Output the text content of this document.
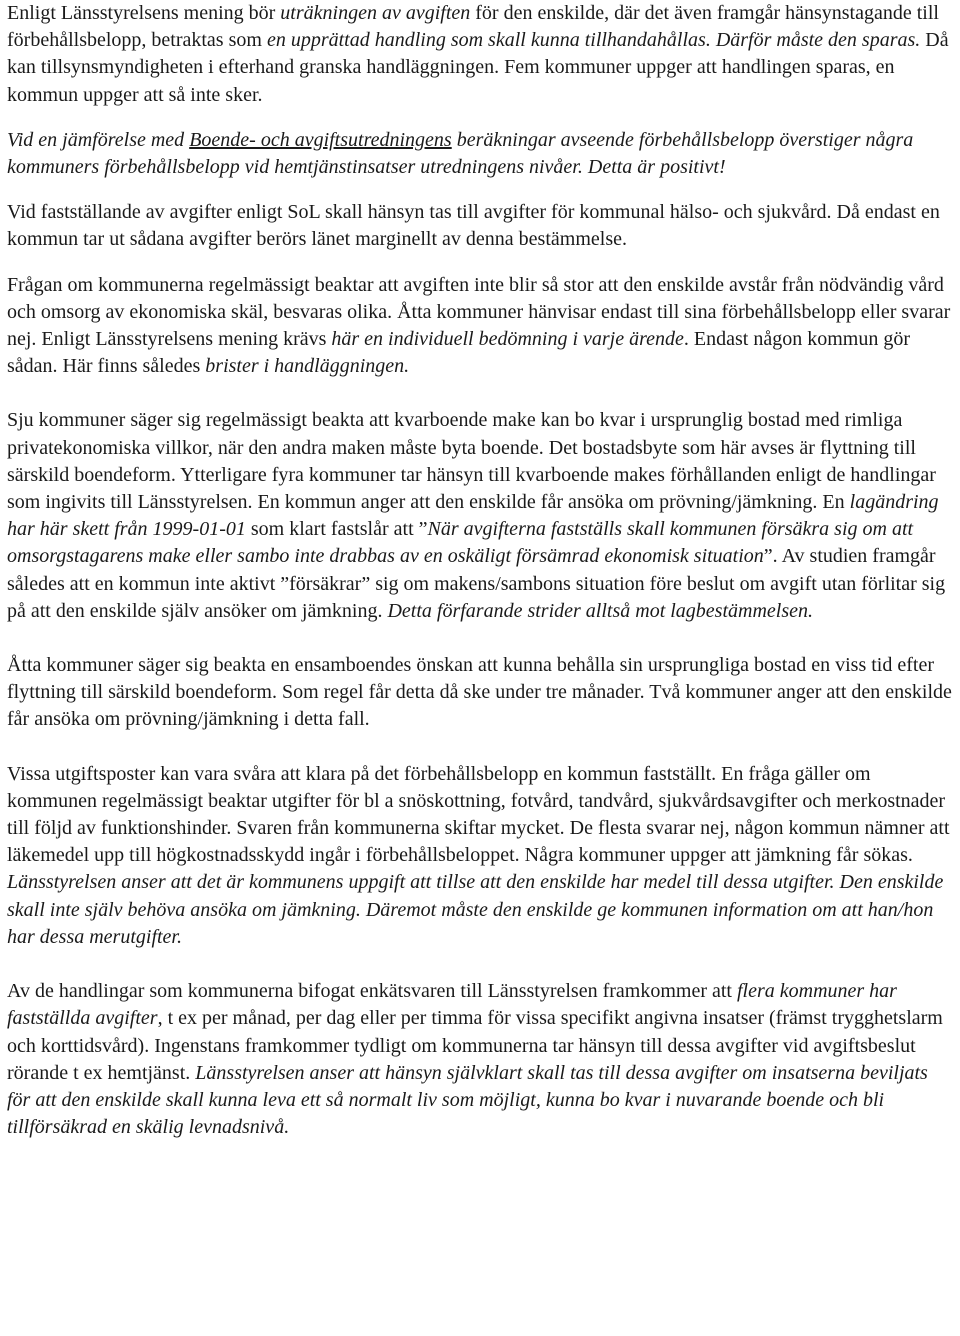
Enligt Länsstyrelsens mening bör uträkningen av avgiften för den enskilde, där det även framgår hänsynstagande till förbehållsbelopp, betraktas som en upprättad handling som skall kunna tillhandahållas. Därför måste den sparas. Då kan tillsynsmyndigheten i efterhand granska handläggningen. Fem kommuner uppger att handlingen sparas, en kommun uppger att så inte sker.

Vid en jämförelse med Boende- och avgiftsutredningens beräkningar avseende förbehållsbelopp överstiger några kommuners förbehållsbelopp vid hemtjänstinsatser utredningens nivåer. Detta är positivt!

Vid fastställande av avgifter enligt SoL skall hänsyn tas till avgifter för kommunal hälso- och sjukvård. Då endast en kommun tar ut sådana avgifter berörs länet marginellt av denna bestämmelse.

Frågan om kommunerna regelmässigt beaktar att avgiften inte blir så stor att den enskilde avstår från nödvändig vård och omsorg av ekonomiska skäl, besvaras olika. Åtta kommuner hänvisar endast till sina förbehållsbelopp eller svarar nej. Enligt Länsstyrelsens mening krävs här en individuell bedömning i varje ärende. Endast någon kommun gör sådan. Här finns således brister i handläggningen.

Sju kommuner säger sig regelmässigt beakta att kvarboende make kan bo kvar i ursprunglig bostad med rimliga privatekonomiska villkor, när den andra maken måste byta boende. Det bostadsbyte som här avses är flyttning till särskild boendeform. Ytterligare fyra kommuner tar hänsyn till kvarboende makes förhållanden enligt de handlingar som ingivits till Länsstyrelsen. En kommun anger att den enskilde får ansöka om prövning/jämkning. En lagändring har här skett från 1999-01-01 som klart fastslår att ”När avgifterna fastställs skall kommunen försäkra sig om att omsorgstagarens make eller sambo inte drabbas av en oskäligt försämrad ekonomisk situation”. Av studien framgår således att en kommun inte aktivt ”försäkrar” sig om makens/sambons situation före beslut om avgift utan förlitar sig på att den enskilde själv ansöker om jämkning. Detta förfarande strider alltså mot lagbestämmelsen.

Åtta kommuner säger sig beakta en ensamboendes önskan att kunna behålla sin ursprungliga bostad en viss tid efter flyttning till särskild boendeform. Som regel får detta då ske under tre månader. Två kommuner anger att den enskilde får ansöka om prövning/jämkning i detta fall.

Vissa utgiftsposter kan vara svåra att klara på det förbehållsbelopp en kommun fastställt. En fråga gäller om kommunen regelmässigt beaktar utgifter för bl a snöskottning, fotvård, tandvård, sjukvårdsavgifter och merkostnader till följd av funktionshinder. Svaren från kommunerna skiftar mycket. De flesta svarar nej, någon kommun nämner att läkemedel upp till högkostnadsskydd ingår i förbehållsbeloppet. Några kommuner uppger att jämkning får sökas. Länsstyrelsen anser att det är kommunens uppgift att tillse att den enskilde har medel till dessa utgifter. Den enskilde skall inte själv behöva ansöka om jämkning. Däremot måste den enskilde ge kommunen information om att han/hon har dessa merutgifter.

Av de handlingar som kommunerna bifogat enkätsvaren till Länsstyrelsen framkommer att flera kommuner har fastställda avgifter, t ex per månad, per dag eller per timma för vissa specifikt angivna insatser (främst trygghetslarm och korttidsvård). Ingenstans framkommer tydligt om kommunerna tar hänsyn till dessa avgifter vid avgiftsbeslut rörande t ex hemtjänst. Länsstyrelsen anser att hänsyn självklart skall tas till dessa avgifter om insatserna beviljats för att den enskilde skall kunna leva ett så normalt liv som möjligt, kunna bo kvar i nuvarande boende och bli tillförsäkrad en skälig levnadsnivå.
